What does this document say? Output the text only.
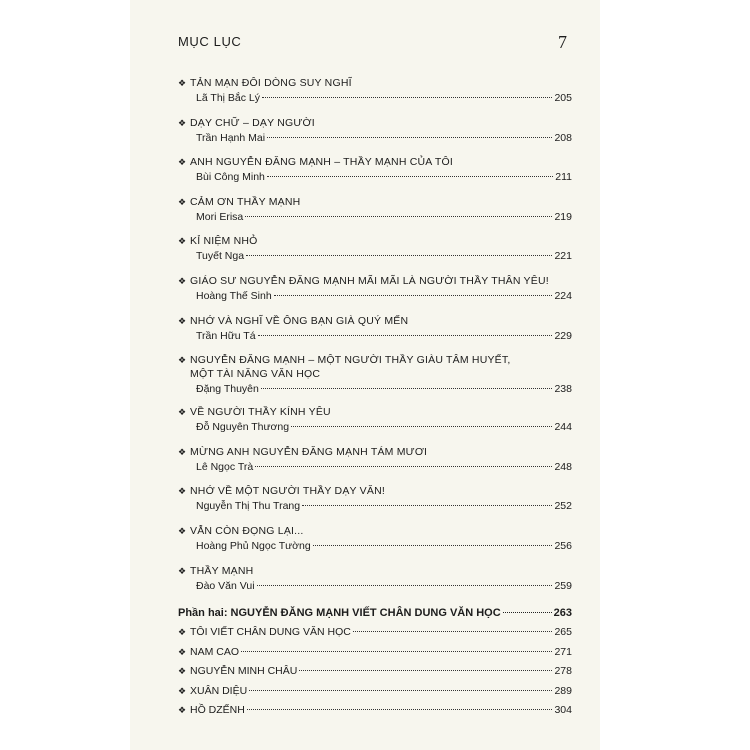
MỤC LỤC	7
❖ TẢN MẠN ĐÔI DÒNG SUY NGHĨ
Lã Thị Bắc Lý	205
❖ DẠY CHỮ – DẠY NGƯỜI
Trần Hạnh Mai	208
❖ ANH NGUYỄN ĐĂNG MẠNH – THẦY MẠNH CỦA TÔI
Bùi Công Minh	211
❖ CẢM ƠN THẦY MẠNH
Mori Erisa	219
❖ KỈ NIỆM NHỎ
Tuyết Nga	221
❖ GIÁO SƯ NGUYỄN ĐĂNG MẠNH MÃI MÃI LÀ NGƯỜI THẦY THÂN YÊU!
Hoàng Thế Sinh	224
❖ NHỚ VÀ NGHĨ VỀ ÔNG BẠN GIÀ QUÝ MẾN
Trần Hữu Tá	229
❖ NGUYỄN ĐĂNG MẠNH – MỘT NGƯỜI THẦY GIÀU TÂM HUYẾT,
MỘT TÀI NĂNG VĂN HỌC
Đặng Thuyên	238
❖ VỀ NGƯỜI THẦY KÍNH YÊU
Đỗ Nguyên Thương	244
❖ MỪNG ANH NGUYỄN ĐĂNG MẠNH TÁM MƯƠI
Lê Ngọc Trà	248
❖ NHỚ VỀ MỘT NGƯỜI THẦY DẠY VĂN!
Nguyễn Thị Thu Trang	252
❖ VẪN CÒN ĐỌNG LẠI...
Hoàng Phủ Ngọc Tường	256
❖ THẦY MẠNH
Đào Văn Vui	259
Phần hai: NGUYỄN ĐĂNG MẠNH VIẾT CHÂN DUNG VĂN HỌC	263
❖ TÔI VIẾT CHÂN DUNG VĂN HỌC	265
❖ NAM CAO	271
❖ NGUYỄN MINH CHÂU	278
❖ XUÂN DIỆU	289
❖ HỒ DZẾNH	304
